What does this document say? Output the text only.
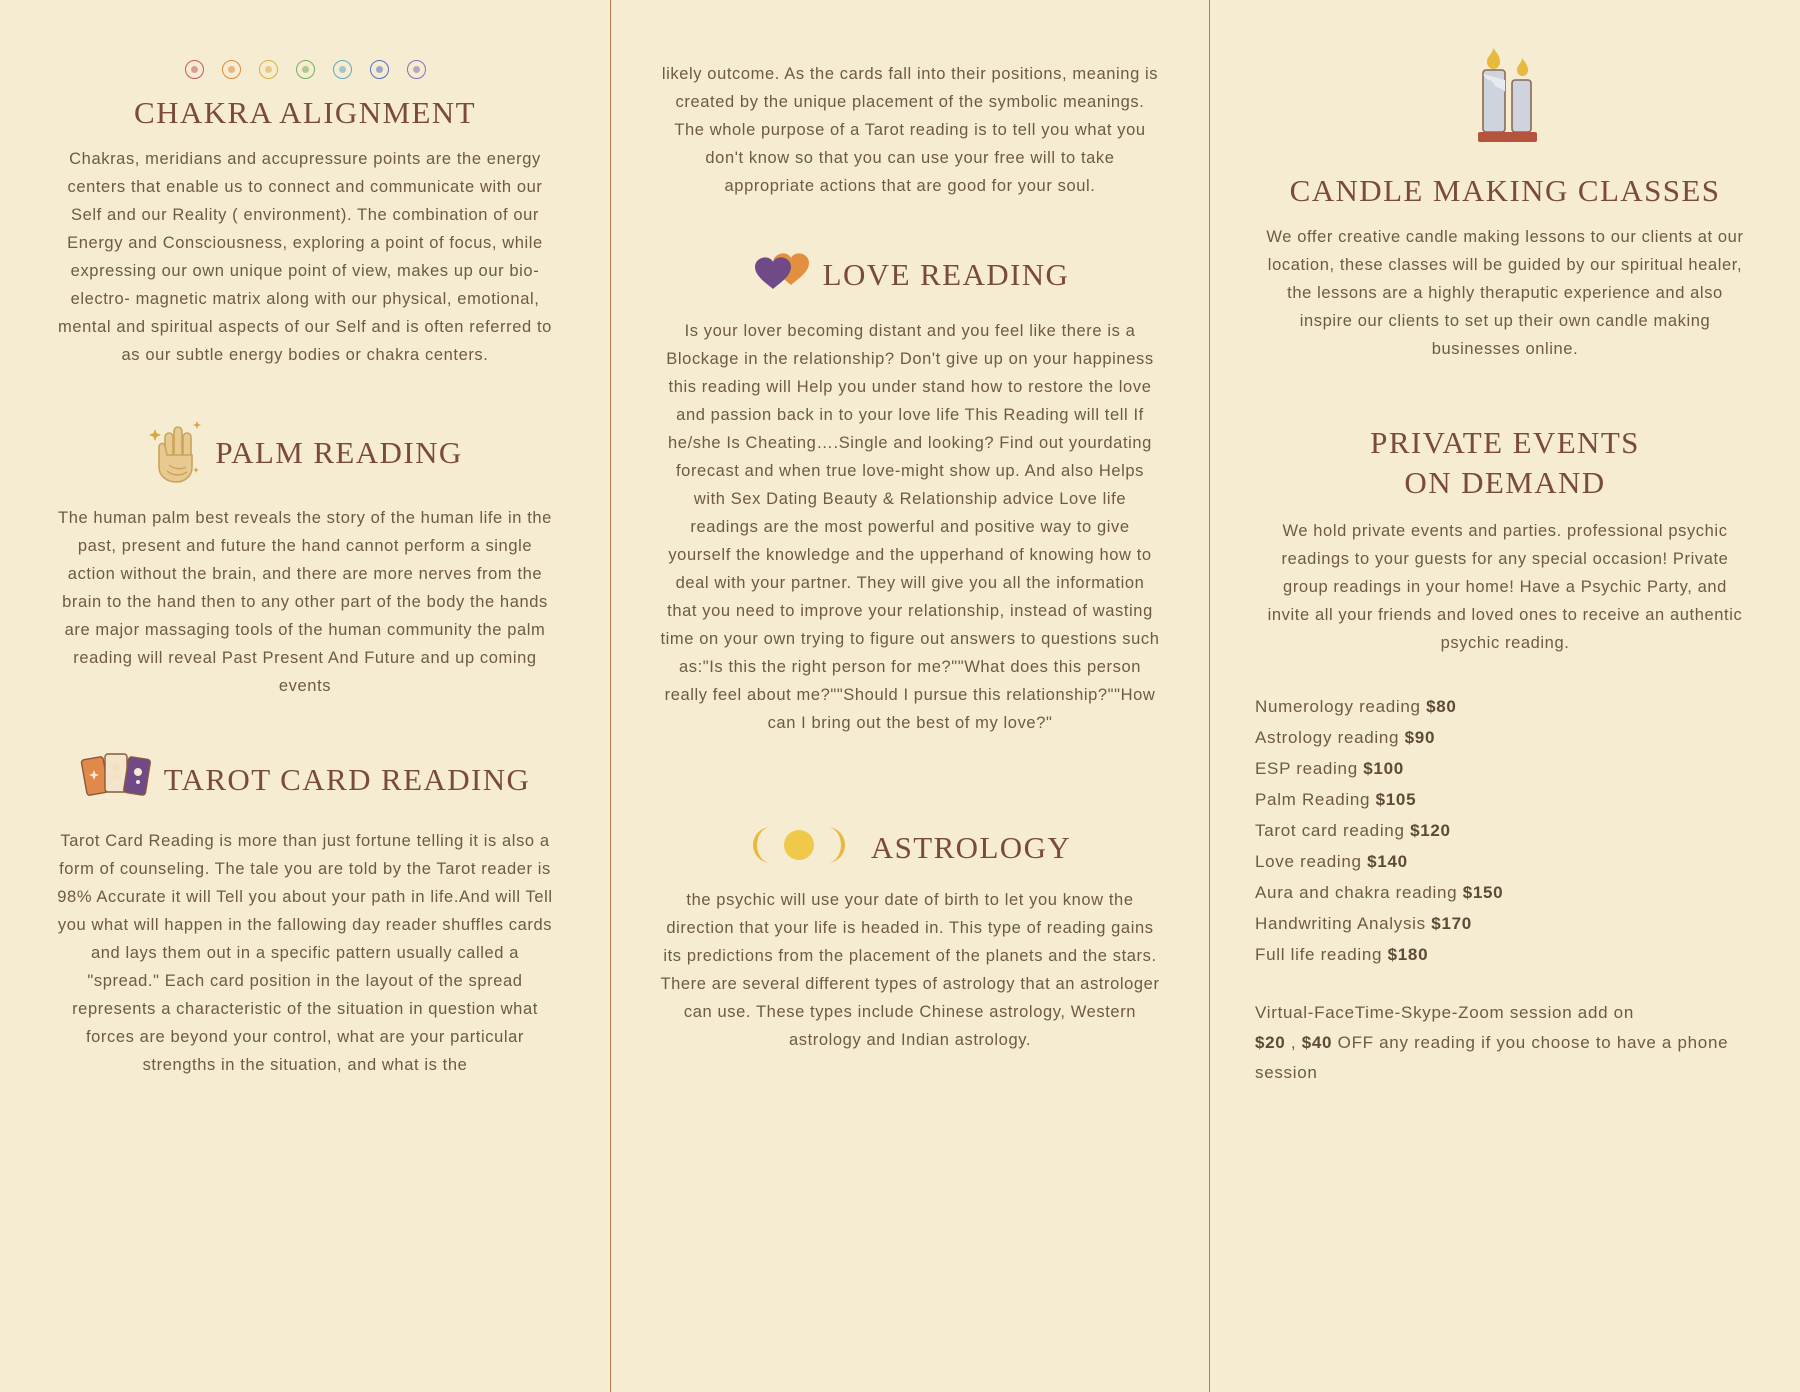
CHAKRA ALIGNMENT

Chakras, meridians and accupressure points are the energy centers that enable us to connect and communicate with our Self and our Reality ( environment). The combination of our Energy and Consciousness, exploring a point of focus, while expressing our own unique point of view, makes up our bio-electro- magnetic matrix along with our physical, emotional, mental and spiritual aspects of our Self and is often referred to as our subtle energy bodies or chakra centers.

PALM READING

The human palm best reveals the story of the human life in the past, present and future the hand cannot perform a single action without the brain, and there are more nerves from the brain to the hand then to any other part of the body the hands are major massaging tools of the human community the palm reading will reveal Past Present And Future and up coming events

TAROT CARD READING

Tarot Card Reading is more than just fortune telling it is also a form of counseling. The tale you are told by the Tarot reader is 98% Accurate it will Tell you about your path in life.And will Tell you what will happen in the fallowing day reader shuffles cards and lays them out in a specific pattern usually called a "spread." Each card position in the layout of the spread represents a characteristic of the situation in question what forces are beyond your control, what are your particular strengths in the situation, and what is the

likely outcome. As the cards fall into their positions, meaning is created by the unique placement of the symbolic meanings. The whole purpose of a Tarot reading is to tell you what you don't know so that you can use your free will to take appropriate actions that are good for your soul.

LOVE READING

Is your lover becoming distant and you feel like there is a Blockage in the relationship? Don't give up on your happiness this reading will Help you under stand how to restore the love and passion back in to your love life This Reading will tell If he/she Is Cheating….Single and looking? Find out yourdating forecast and when true love-might show up. And also Helps with Sex Dating Beauty & Relationship advice Love life readings are the most powerful and positive way to give yourself the knowledge and the upperhand of knowing how to deal with your partner. They will give you all the information that you need to improve your relationship, instead of wasting time on your own trying to figure out answers to questions such as:"Is this the right person for me?""What does this person really feel about me?""Should I pursue this relationship?""How can I bring out the best of my love?"

ASTROLOGY

the psychic will use your date of birth to let you know the direction that your life is headed in. This type of reading gains its predictions from the placement of the planets and the stars. There are several different types of astrology that an astrologer can use. These types include Chinese astrology, Western astrology and Indian astrology.

CANDLE MAKING CLASSES

We offer creative candle making lessons to our clients at our location, these classes will be guided by our spiritual healer, the lessons are a highly theraputic experience and also inspire our clients to set up their own candle making businesses online.

PRIVATE EVENTS
ON DEMAND

We hold private events and parties. professional psychic readings to your guests for any special occasion! Private group readings in your home! Have a Psychic Party, and invite all your friends and loved ones to receive an authentic psychic reading.

Numerology reading $80
Astrology reading $90
ESP reading $100
Palm Reading $105
Tarot card reading $120
Love reading $140
Aura and chakra reading $150
Handwriting Analysis $170
Full life reading $180
Virtual-FaceTime-Skype-Zoom session add on
$20 , $40 OFF any reading if you choose to have a phone session
